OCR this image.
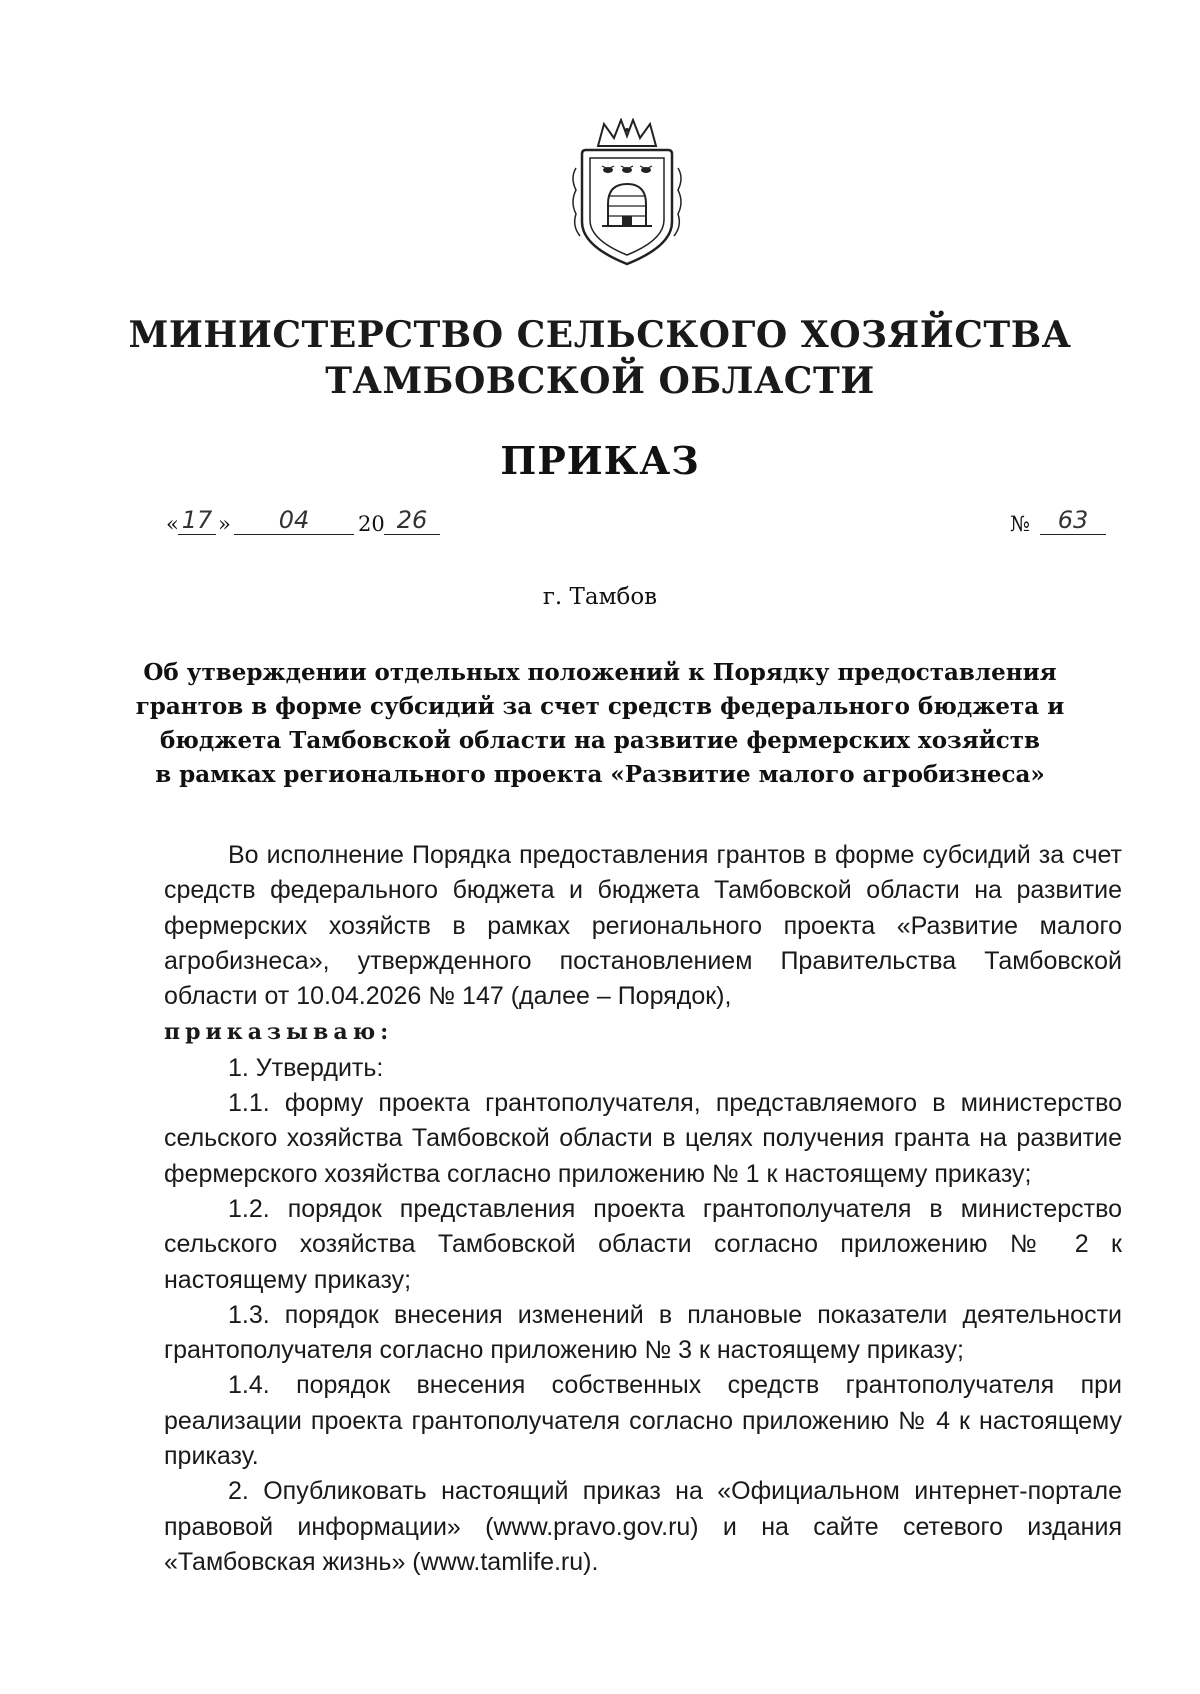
МИНИСТЕРСТВО СЕЛЬСКОГО ХОЗЯЙСТВА
ТАМБОВСКОЙ ОБЛАСТИ
ПРИКАЗ
« 17 »	04	20 26	№	63
г. Тамбов
Об утверждении отдельных положений к Порядку предоставления
грантов в форме субсидий за счет средств федерального бюджета и
бюджета Тамбовской области на развитие фермерских хозяйств
в рамках регионального проекта «Развитие малого агробизнеса»

Во исполнение Порядка предоставления грантов в форме субсидий за счет средств федерального бюджета и бюджета Тамбовской области на развитие фермерских хозяйств в рамках регионального проекта «Развитие малого агробизнеса», утвержденного постановлением Правительства Тамбовской области от 10.04.2026 № 147 (далее – Порядок),

приказываю:

1. Утвердить:

1.1. форму проекта грантополучателя, представляемого в министерство сельского хозяйства Тамбовской области в целях получения гранта на развитие фермерского хозяйства согласно приложению № 1 к настоящему приказу;

1.2. порядок представления проекта грантополучателя в министерство сельского хозяйства Тамбовской области согласно приложению № 2 к настоящему приказу;

1.3. порядок внесения изменений в плановые показатели деятельности грантополучателя согласно приложению № 3 к настоящему приказу;

1.4. порядок внесения собственных средств грантополучателя при реализации проекта грантополучателя согласно приложению № 4 к настоящему приказу.

2. Опубликовать настоящий приказ на «Официальном интернет-портале правовой информации» (www.pravo.gov.ru) и на сайте сетевого издания «Тамбовская жизнь» (www.tamlife.ru).
